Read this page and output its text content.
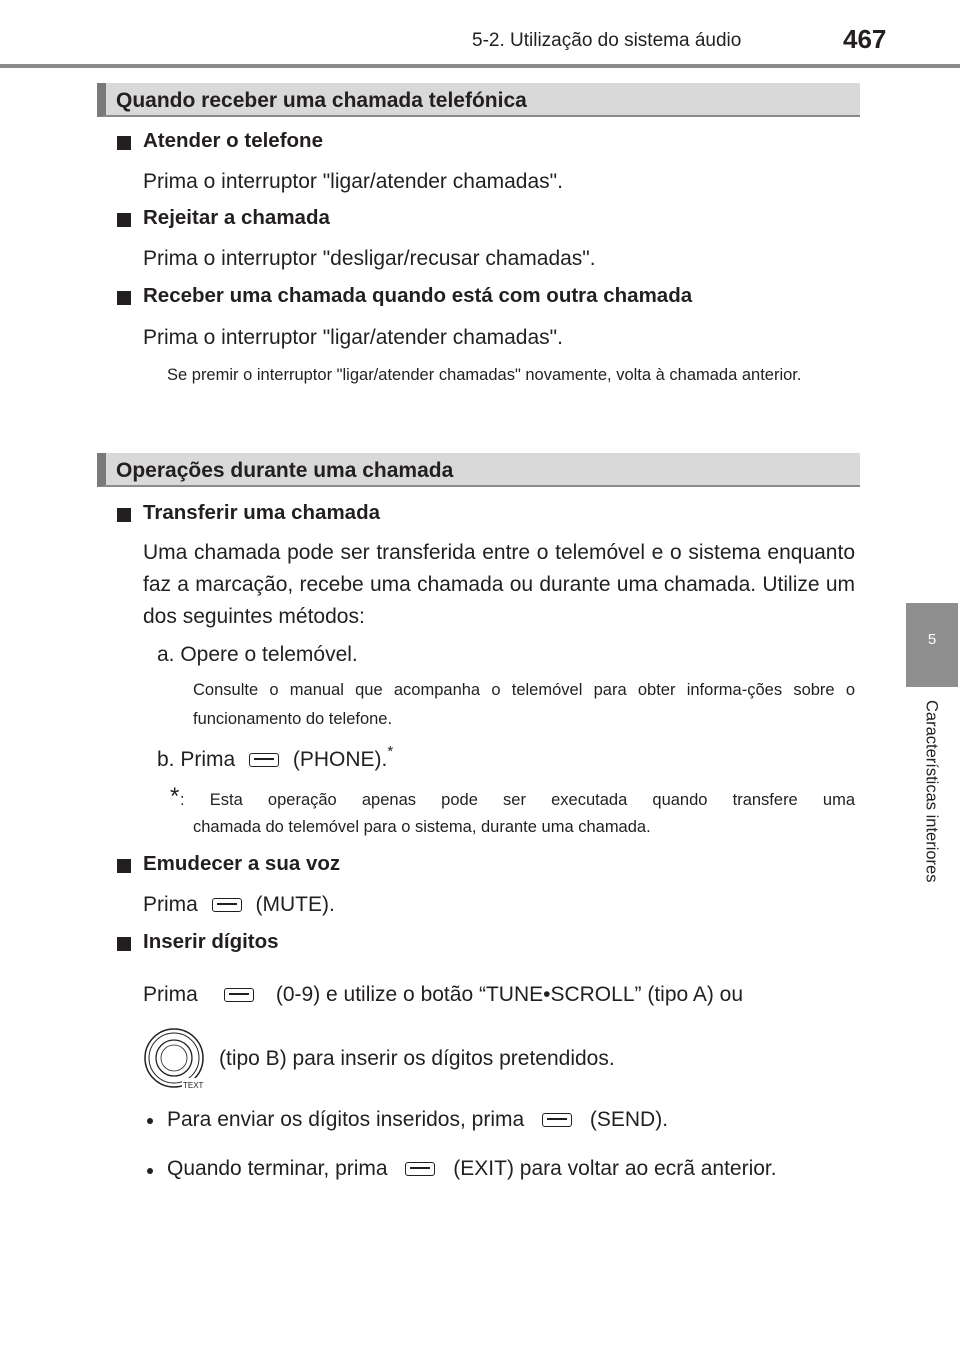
5-2. Utilização do sistema áudio	467
5
Características interiores
Quando receber uma chamada telefónica
Atender o telefone
Prima o interruptor "ligar/atender chamadas".
Rejeitar a chamada
Prima o interruptor "desligar/recusar chamadas".
Receber uma chamada quando está com outra chamada
Prima o interruptor "ligar/atender chamadas".
Se premir o interruptor "ligar/atender chamadas" novamente, volta à chamada anterior.
Operações durante uma chamada
Transferir uma chamada
Uma chamada pode ser transferida entre o telemóvel e o sistema enquanto faz a marcação, recebe uma chamada ou durante uma chamada. Utilize um dos seguintes métodos:
a. Opere o telemóvel.
Consulte o manual que acompanha o telemóvel para obter informa-ções sobre o funcionamento do telefone.
b. Prima	(PHONE).*
* : Esta operação apenas pode ser executada quando transfere uma
chamada do telemóvel para o sistema, durante uma chamada.
Emudecer a sua voz
Prima	(MUTE).
Inserir dígitos
Prima	(0-9) e utilize o botão “TUNE•SCROLL” (tipo A) ou
TEXT
(tipo B) para inserir os dígitos pretendidos.
Para enviar os dígitos inseridos, prima	(SEND).
Quando terminar, prima	(EXIT) para voltar ao ecrã anterior.
